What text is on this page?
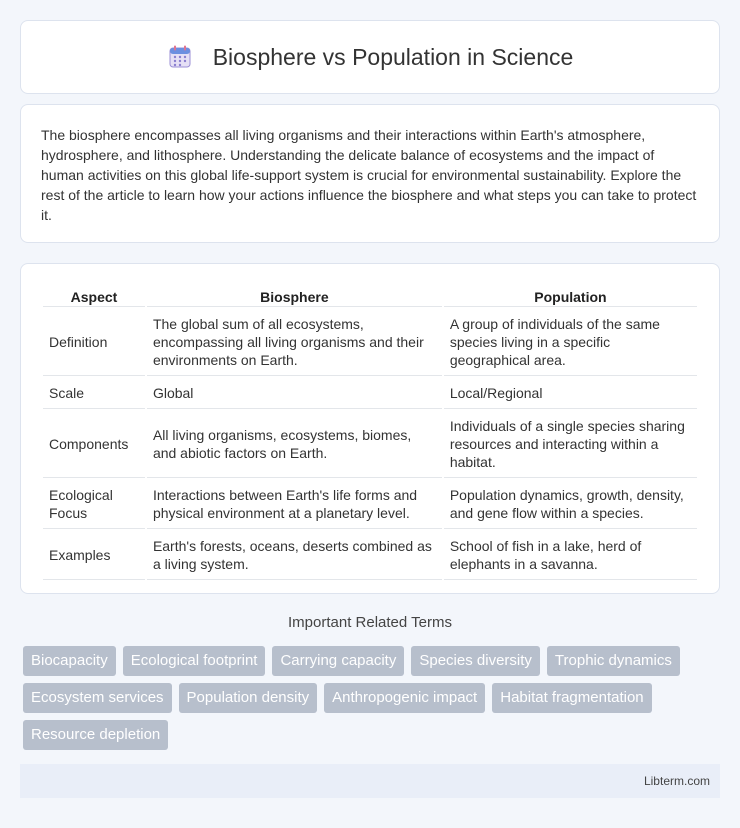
Biosphere vs Population in Science

The biosphere encompasses all living organisms and their interactions within Earth's atmosphere, hydrosphere, and lithosphere. Understanding the delicate balance of ecosystems and the impact of human activities on this global life-support system is crucial for environmental sustainability. Explore the rest of the article to learn how your actions influence the biosphere and what steps you can take to protect it.

Aspect	Biosphere	Population
Definition	The global sum of all ecosystems, encompassing all living organisms and their environments on Earth.	A group of individuals of the same species living in a specific geographical area.
Scale	Global	Local/Regional
Components	All living organisms, ecosystems, biomes, and abiotic factors on Earth.	Individuals of a single species sharing resources and interacting within a habitat.
Ecological Focus	Interactions between Earth's life forms and physical environment at a planetary level.	Population dynamics, growth, density, and gene flow within a species.
Examples	Earth's forests, oceans, deserts combined as a living system.	School of fish in a lake, herd of elephants in a savanna.
Important Related Terms
Biocapacity	Ecological footprint	Carrying capacity	Species diversity	Trophic dynamics
Ecosystem services	Population density	Anthropogenic impact	Habitat fragmentation
Resource depletion
Libterm.com
